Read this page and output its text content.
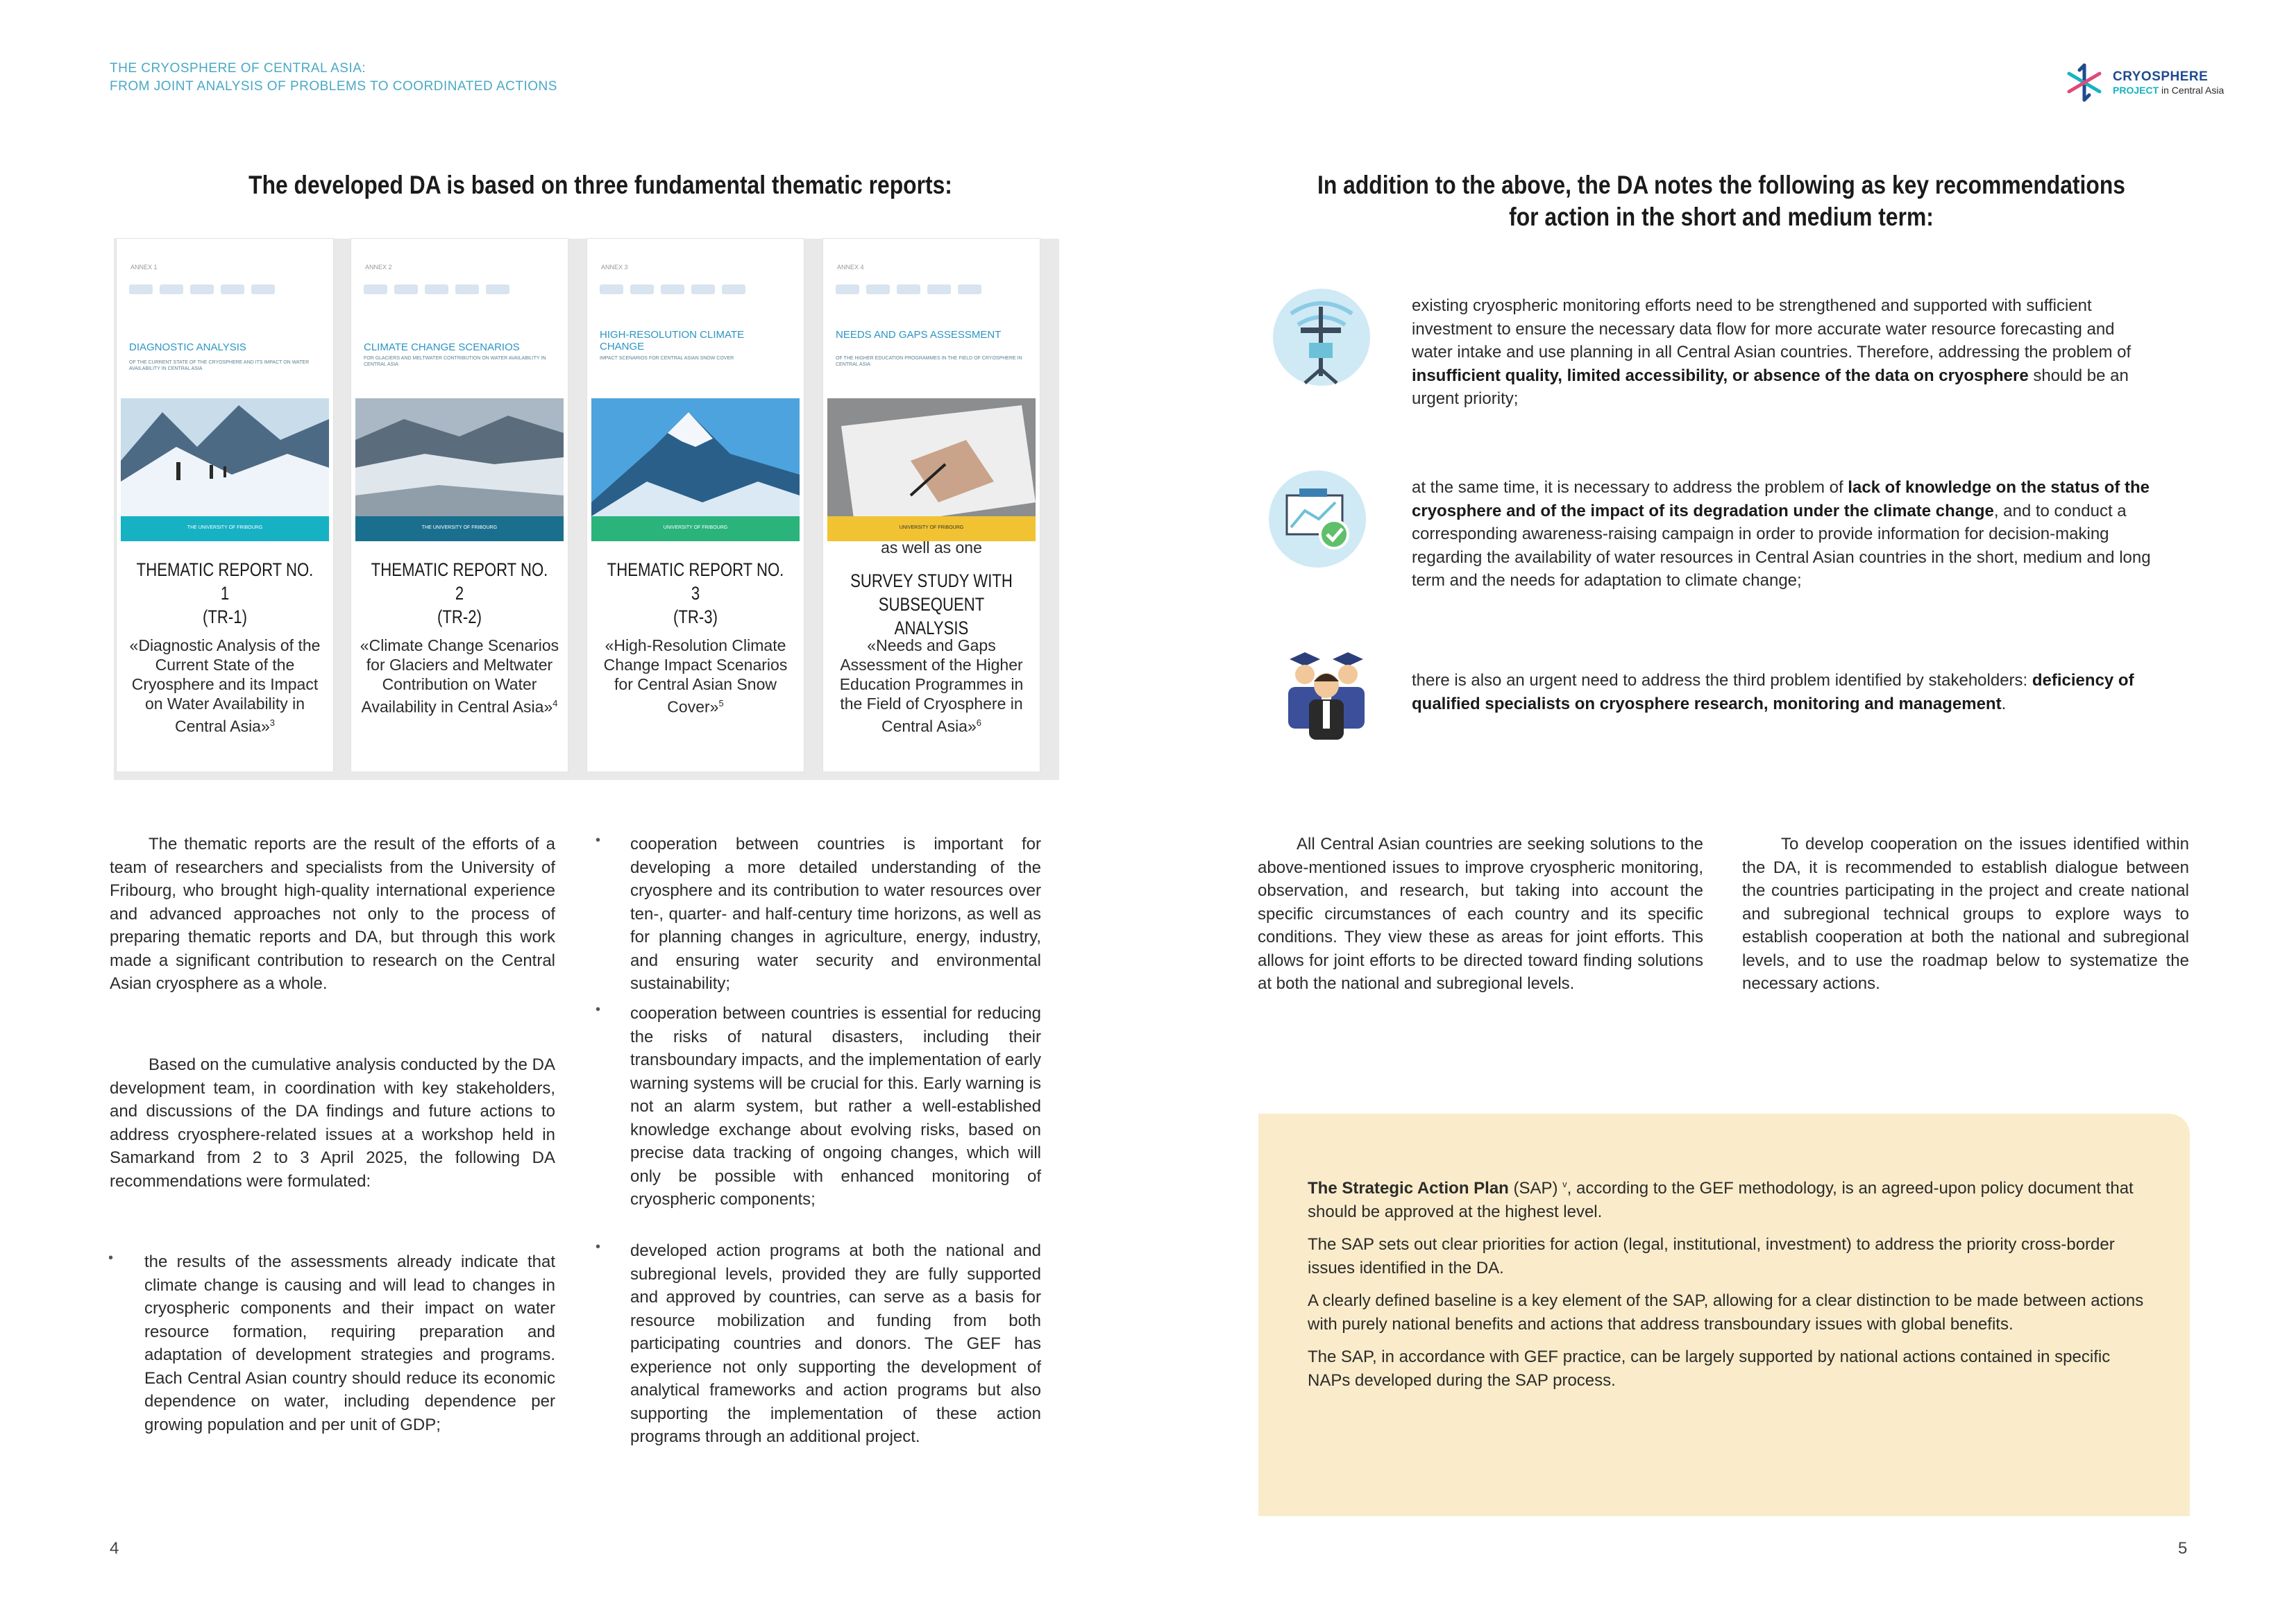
THE CRYOSPHERE OF CENTRAL ASIA:
FROM JOINT ANALYSIS OF PROBLEMS TO COORDINATED ACTIONS
CRYOSPHERE
PROJECT in Central Asia
The developed DA is based on three fundamental thematic reports:
ANNEX 1
DIAGNOSTIC ANALYSIS
OF THE CURRENT STATE OF THE CRYOSPHERE AND ITS IMPACT ON WATER AVAILABILITY IN CENTRAL ASIA
THE UNIVERSITY OF FRIBOURG
THEMATIC REPORT NO. 1
(TR-1)
«Diagnostic Analysis of the Current State of the Cryosphere and its Impact on Water Availability in Central Asia»$^3$
ANNEX 2
CLIMATE CHANGE SCENARIOS
FOR GLACIERS AND MELTWATER CONTRIBUTION ON WATER AVAILABILITY IN CENTRAL ASIA
THE UNIVERSITY OF FRIBOURG
THEMATIC REPORT NO. 2
(TR-2)
«Climate Change Scenarios for Glaciers and Meltwater Contribution on Water Availability in Central Asia»$^4$
ANNEX 3
HIGH-RESOLUTION CLIMATE CHANGE
IMPACT SCENARIOS FOR CENTRAL ASIAN SNOW COVER
UNIVERSITY OF FRIBOURG
THEMATIC REPORT NO. 3
(TR-3)
«High-Resolution Climate Change Impact Scenarios for Central Asian Snow Cover»$^5$
ANNEX 4
NEEDS AND GAPS ASSESSMENT
OF THE HIGHER EDUCATION PROGRAMMES IN THE FIELD OF CRYOSPHERE IN CENTRAL ASIA
UNIVERSITY OF FRIBOURG
as well as one
SURVEY STUDY WITH
SUBSEQUENT ANALYSIS
«Needs and Gaps Assessment of the Higher Education Programmes in the Field of Cryosphere in Central Asia»$^6$
The thematic reports are the result of the efforts of a team of researchers and specialists from the University of Fribourg, who brought high-quality international experience and advanced approaches not only to the process of preparing thematic reports and DA, but through this work made a significant contribution to research on the Central Asian cryosphere as a whole.
Based on the cumulative analysis conducted by the DA development team, in coordination with key stakeholders, and discussions of the DA findings and future actions to address cryosphere-related issues at a workshop held in Samarkand from 2 to 3 April 2025, the following DA recommendations were formulated:
• the results of the assessments already indicate that climate change is causing and will lead to changes in cryospheric components and their impact on water resource formation, requiring preparation and adaptation of development strategies and programs. Each Central Asian country should reduce its economic dependence on water, including dependence per growing population and per unit of GDP;
• cooperation between countries is important for developing a more detailed understanding of the cryosphere and its contribution to water resources over ten-, quarter- and half-century time horizons, as well as for planning changes in agriculture, energy, industry, and ensuring water security and environmental sustainability;
• cooperation between countries is essential for reducing the risks of natural disasters, including their transboundary impacts, and the implementation of early warning systems will be crucial for this. Early warning is not an alarm system, but rather a well-established knowledge exchange about evolving risks, based on precise data tracking of ongoing changes, which will only be possible with enhanced monitoring of cryospheric components;
• developed action programs at both the national and subregional levels, provided they are fully supported and approved by countries, can serve as a basis for resource mobilization and funding from both participating countries and donors. The GEF has experience not only supporting the development of analytical frameworks and action programs but also supporting the implementation of these action programs through an additional project.
4
In addition to the above, the DA notes the following as key recommendations for action in the short and medium term:
existing cryospheric monitoring efforts need to be strengthened and supported with sufficient investment to ensure the necessary data flow for more accurate water resource forecasting and water intake and use planning in all Central Asian countries. Therefore, addressing the problem of insufficient quality, limited accessibility, or absence of the data on cryosphere should be an urgent priority;
at the same time, it is necessary to address the problem of lack of knowledge on the status of the cryosphere and of the impact of its degradation under the climate change, and to conduct a corresponding awareness-raising campaign in order to provide information for decision-making regarding the availability of water resources in Central Asian countries in the short, medium and long term and the needs for adaptation to climate change;
there is also an urgent need to address the third problem identified by stakeholders: deficiency of qualified specialists on cryosphere research, monitoring and management.
All Central Asian countries are seeking solutions to the above-mentioned issues to improve cryospheric monitoring, observation, and research, but taking into account the specific circumstances of each country and its specific conditions. They view these as areas for joint efforts. This allows for joint efforts to be directed toward finding solutions at both the national and subregional levels.
To develop cooperation on the issues identified within the DA, it is recommended to establish dialogue between the countries participating in the project and create national and subregional technical groups to explore ways to establish cooperation at both the national and subregional levels, and to use the roadmap below to systematize the necessary actions.

The Strategic Action Plan (SAP) $^v$, according to the GEF methodology, is an agreed-upon policy document that should be approved at the highest level.

The SAP sets out clear priorities for action (legal, institutional, investment) to address the priority cross-border issues identified in the DA.

A clearly defined baseline is a key element of the SAP, allowing for a clear distinction to be made between actions with purely national benefits and actions that address transboundary issues with global benefits.

The SAP, in accordance with GEF practice, can be largely supported by national actions contained in specific NAPs developed during the SAP process.

5
